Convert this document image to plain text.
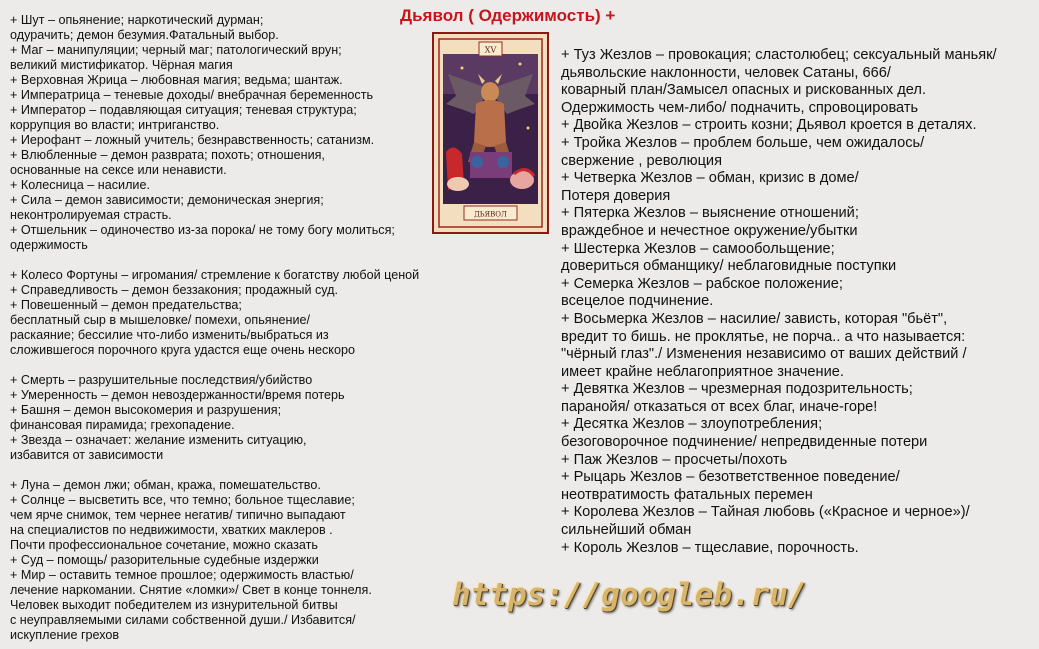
Дьявол ( Одержимость) +
+ Шут – опьянение; наркотический дурман;
одурачить; демон безумия.Фатальный выбор.
+ Маг – манипуляции; черный маг; патологический врун;
великий мистификатор. Чёрная магия
+ Верховная Жрица – любовная магия; ведьма; шантаж.
+ Императрица – теневые доходы/ внебрачная беременность
+ Император – подавляющая ситуация; теневая структура;
коррупция во власти; интриганство.
+ Иерофант – ложный учитель; безнравственность; сатанизм.
+ Влюбленные – демон разврата; похоть; отношения,
основанные на сексе или ненависти.
+ Колесница – насилие.
+ Сила – демон зависимости; демоническая энергия;
неконтролируемая страсть.
+ Отшельник – одиночество из-за порока/ не тому богу молиться;
одержимость
+ Колесо Фортуны – игромания/ стремление к богатству любой ценой
+ Справедливость – демон беззакония; продажный суд.
+ Повешенный – демон предательства;
бесплатный сыр в мышеловке/ помехи, опьянение/
раскаяние; бессилие что-либо изменить/выбраться из
сложившегося порочного круга удастся еще очень нескоро
+ Смерть – разрушительные последствия/убийство
+ Умеренность – демон невоздержанности/время потерь
+ Башня – демон высокомерия и разрушения;
финансовая пирамида; грехопадение.
+ Звезда – означает: желание изменить ситуацию,
избавится от зависимости
+ Луна – демон лжи; обман, кража, помешательство.
+ Солнце – высветить все, что темно; больное тщеславие;
чем ярче снимок, тем чернее негатив/ типично выпадают
на специалистов по недвижимости, хватких маклеров .
Почти профессиональное сочетание, можно сказать
+ Суд – помощь/ разорительные судебные издержки
+ Мир – оставить темное прошлое; одержимость властью/
лечение наркомании. Снятие «ломки»/ Свет в конце тоннеля.
Человек выходит победителем из изнурительной битвы
с неуправляемыми силами собственной души./ Избавится/
искупление грехов
XV
ДЬЯВОЛ
+ Туз Жезлов – провокация; сластолюбец; сексуальный маньяк/
дьявольские наклонности, человек Сатаны, 666/
коварный план/Замысел опасных и рискованных дел.
Одержимость чем-либо/ подначить, спровоцировать
+ Двойка Жезлов – строить козни; Дьявол кроется в деталях.
+ Тройка Жезлов – проблем больше, чем ожидалось/
свержение , революция
+ Четверка Жезлов – обман, кризис в доме/
Потеря доверия
+ Пятерка Жезлов – выяснение отношений;
враждебное и нечестное окружение/убытки
+ Шестерка Жезлов – самообольщение;
довериться обманщику/ неблаговидные поступки
+ Семерка Жезлов – рабское положение;
всецелое подчинение.
+ Восьмерка Жезлов – насилие/ зависть, которая "бьёт",
вредит то бишь. не проклятье, не порча.. а что называется:
"чёрный глаз"./ Изменения независимо от ваших действий /
имеет крайне неблагоприятное значение.
+ Девятка Жезлов – чрезмерная подозрительность;
паранойя/ отказаться от всех благ, иначе-горе!
+ Десятка Жезлов – злоупотребления;
безоговорочное подчинение/ непредвиденные потери
+ Паж Жезлов – просчеты/похоть
+ Рыцарь Жезлов – безответственное поведение/
неотвратимость фатальных перемен
+ Королева Жезлов – Тайная любовь («Красное и черное»)/
сильнейший обман
+ Король Жезлов – тщеславие, порочность.
https://googleb.ru/
